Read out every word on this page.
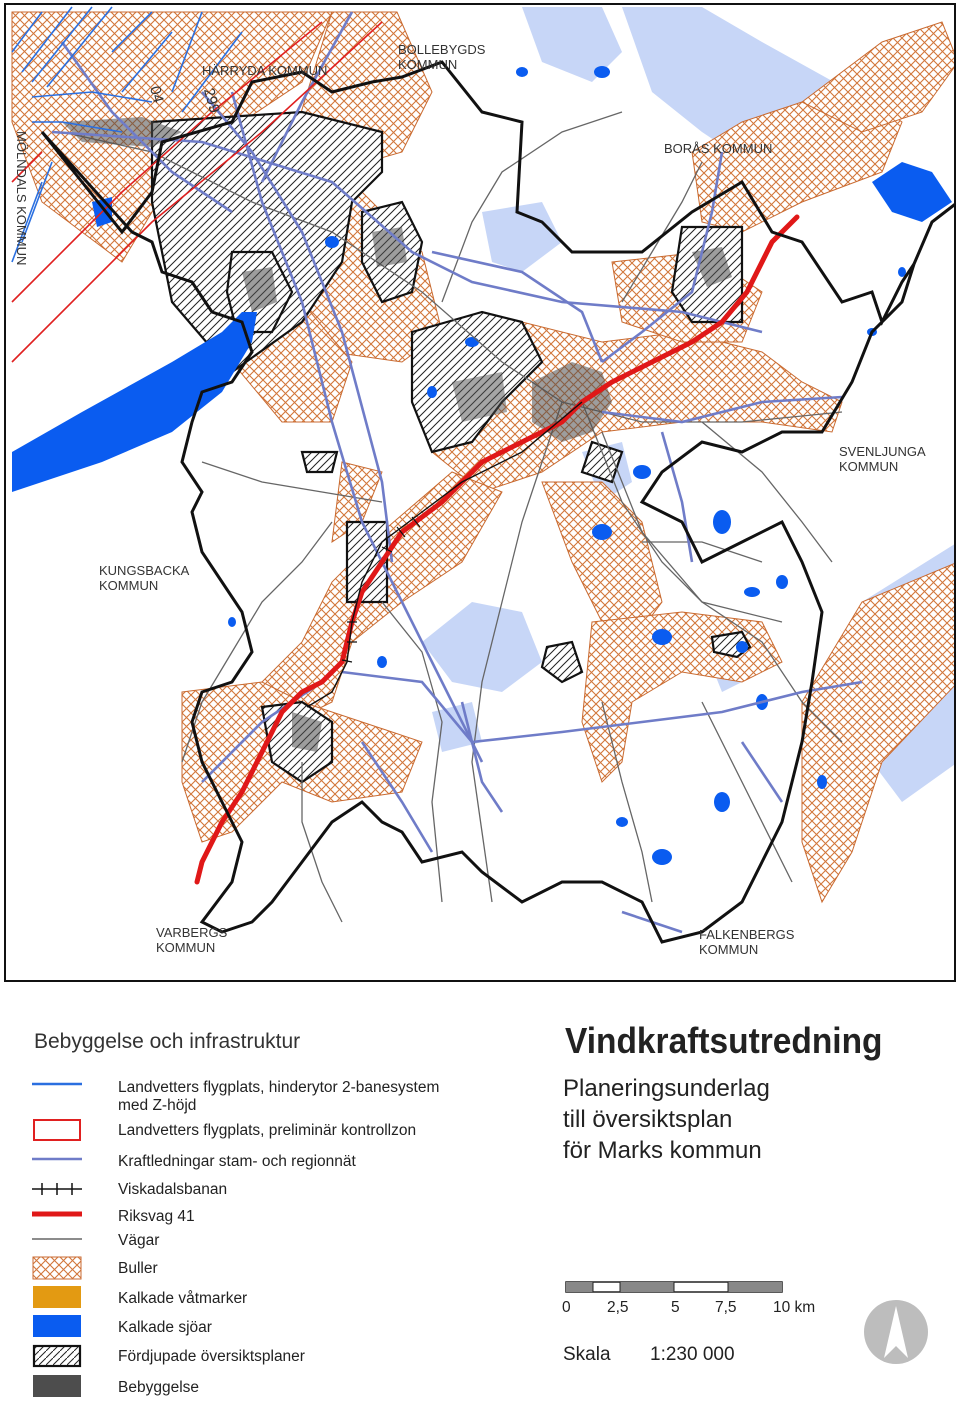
HÄRRYDA KOMMUN
BOLLEBYGDS
KOMMUN
BORÅS KOMMUN
MÖLNDALS KOMMUN
SVENLJUNGA
KOMMUN
KUNGSBACKA
KOMMUN
VARBERGS
KOMMUN
FALKENBERGS
KOMMUN
04 299
Bebyggelse och infrastruktur
Landvetters flygplats, hinderytor 2-banesystem
med Z-höjd
Landvetters flygplats, preliminär kontrollzon
Kraftledningar stam- och regionnät
Viskadalsbanan
Riksvag 41
Vägar
Buller
Kalkade våtmarker
Kalkade sjöar
Fördjupade översiktsplaner
Bebyggelse
Vindkraftsutredning
Planeringsunderlag
till översiktsplan
för Marks kommun
0 2,5	5 7,5 10 km
Skala 1:230 000
